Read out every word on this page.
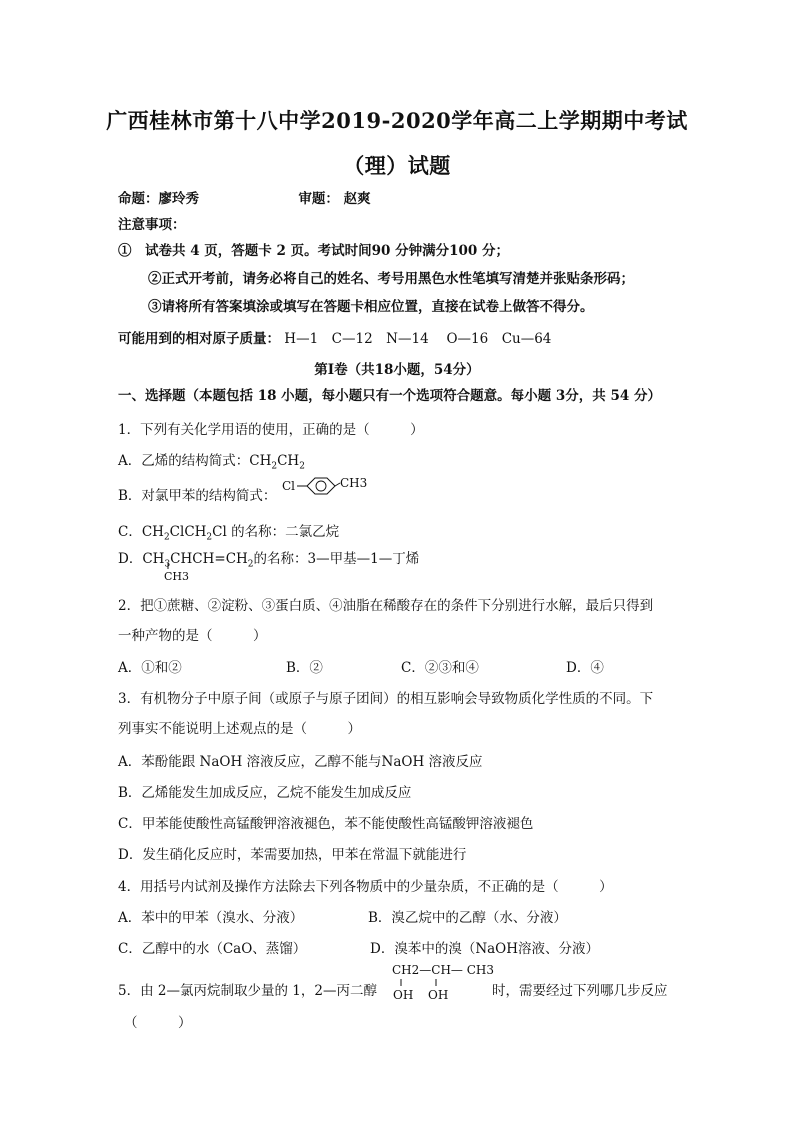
广西桂林市第十八中学2019-2020学年高二上学期期中考试
（理）试题
命题：廖玲秀	审题： 赵爽
注意事项：
①　试卷共 4 页，答题卡 2 页。考试时间90 分钟满分100 分；
②正式开考前，请务必将自己的姓名、考号用黑色水性笔填写清楚并张贴条形码；
③请将所有答案填涂或填写在答题卡相应位置，直接在试卷上做答不得分。
可能用到的相对原子质量： H—1　C—12　N—14　 O—16　Cu—64
第Ⅰ卷（共18小题，54分）
一、选择题（本题包括 18 小题，每小题只有一个选项符合题意。每小题 3分，共 54 分）
1．下列有关化学用语的使用，正确的是（　　　）
A．乙烯的结构简式：$CH_2CH_2$
B．对氯甲苯的结构简式：
Cl	CH3
C．$CH_2ClCH_2Cl$ 的名称：二氯乙烷
D．$CH_3CHCH=CH_2$的名称：3—甲基—1—丁烯
CH3
2．把①蔗糖、②淀粉、③蛋白质、④油脂在稀酸存在的条件下分别进行水解，最后只得到
一种产物的是（　　　）
A．①和②	B．②	C．②③和④	D．④
3．有机物分子中原子间（或原子与原子团间）的相互影响会导致物质化学性质的不同。下
列事实不能说明上述观点的是（　　　）
A．苯酚能跟 NaOH 溶液反应，乙醇不能与NaOH 溶液反应
B．乙烯能发生加成反应，乙烷不能发生加成反应
C．甲苯能使酸性高锰酸钾溶液褪色，苯不能使酸性高锰酸钾溶液褪色
D．发生硝化反应时，苯需要加热，甲苯在常温下就能进行
4．用括号内试剂及操作方法除去下列各物质中的少量杂质，不正确的是（　　　）
A．苯中的甲苯（溴水、分液）	B．溴乙烷中的乙醇（水、分液）
C．乙醇中的水（CaO、蒸馏）	D．溴苯中的溴（NaOH溶液、分液）
5．由 2—氯丙烷制取少量的 1，2—丙二醇
CH2—CH— CH3
OH OH	时，需要经过下列哪几步反应
（　　　）
